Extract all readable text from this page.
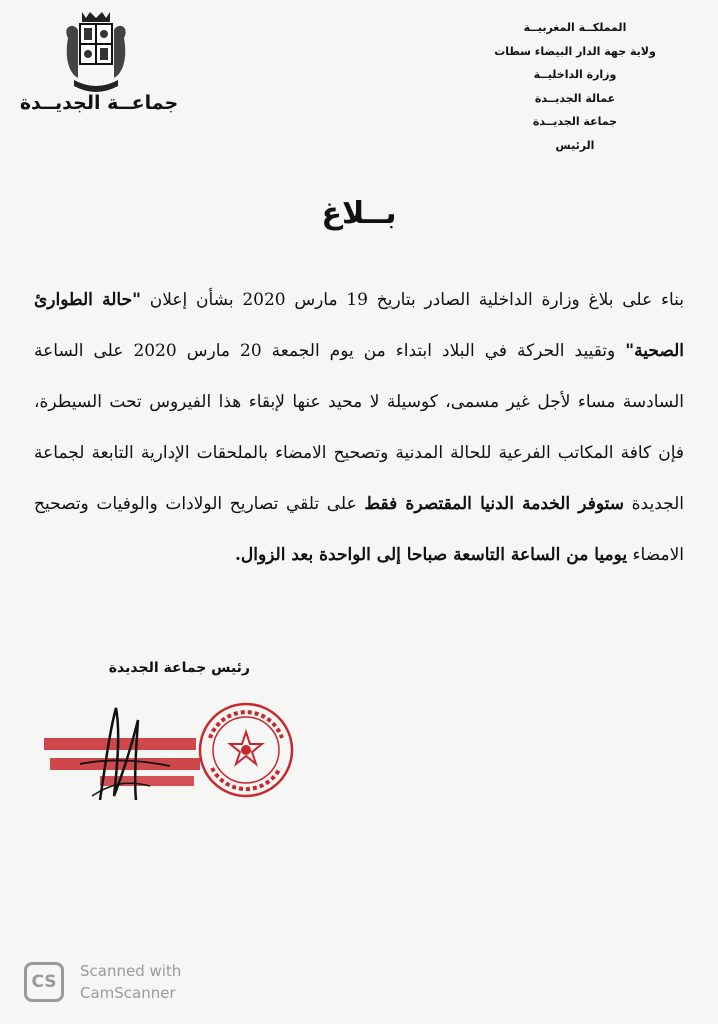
جماعــة الجديــدة
المملكــة المغربيــة
ولاية جهة الدار البيضاء سطات
وزارة الداخليــة
عمالة الجديــدة
جماعة الجديــدة
الرئيس
بــلاغ
بناء على بلاغ وزارة الداخلية الصادر بتاريخ 19 مارس 2020 بشأن إعلان "حالة الطوارئ الصحية" وتقييد الحركة في البلاد ابتداء من يوم الجمعة 20 مارس 2020 على الساعة السادسة مساء لأجل غير مسمى، كوسيلة لا محيد عنها لإبقاء هذا الفيروس تحت السيطرة، فإن كافة المكاتب الفرعية للحالة المدنية وتصحيح الامضاء بالملحقات الإدارية التابعة لجماعة الجديدة ستوفر الخدمة الدنيا المقتصرة فقط على تلقي تصاريح الولادات والوفيات وتصحيح الامضاء يوميا من الساعة التاسعة صباحا إلى الواحدة بعد الزوال.
رئيس جماعة الجديدة
CS
Scanned with
CamScanner
